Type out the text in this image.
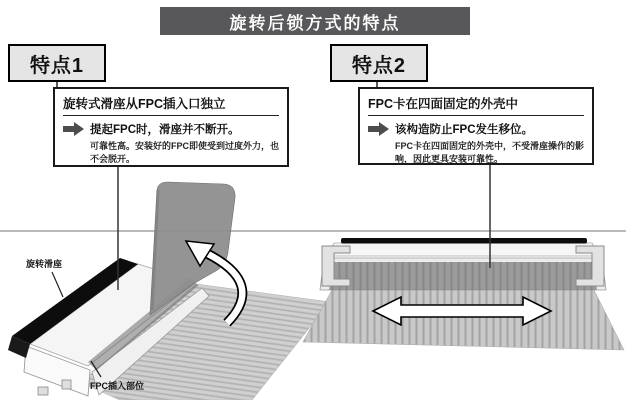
旋转后锁方式的特点
特点1	特点2
旋转式滑座从FPC插入口独立
提起FPC时，滑座并不断开。
可靠性高。安装好的FPC即使受到过度外力，也不会脱开。
FPC卡在四面固定的外壳中
该构造防止FPC发生移位。
FPC卡在四面固定的外壳中，不受滑座操作的影响，因此更具安装可靠性。
旋转滑座
FPC插入部位
